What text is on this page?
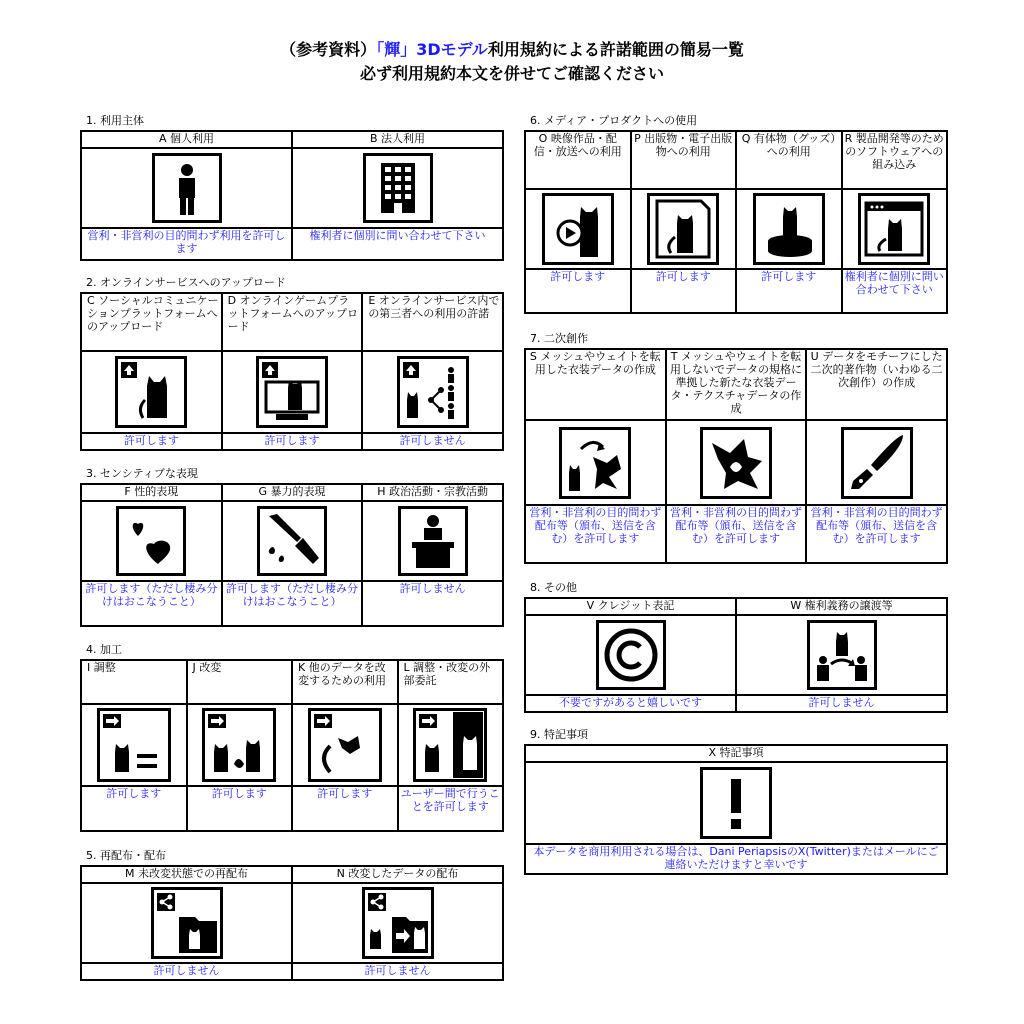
（参考資料）「輝」3Dモデル利用規約による許諾範囲の簡易一覧
必ず利用規約本文を併せてご確認ください
1. 利用主体
A 個人利用	B 法人利用

営利・非営利の目的問わず利用を許可します	権利者に個別に問い合わせて下さい
2. オンラインサービスへのアップロード
C ソーシャルコミュニケーションプラットフォームへのアップロード	D オンラインゲームプラットフォームへのアップロード	E オンラインサービス内での第三者への利用の許諾

許可します	許可します	許可しません
3. センシティブな表現
F 性的表現	G 暴力的表現	H 政治活動・宗教活動

許可します（ただし棲み分けはおこなうこと）	許可します（ただし棲み分けはおこなうこと）	許可しません
4. 加工
I 調整	J 改変	K 他のデータを改変するための利用	L 調整・改変の外部委託

許可します	許可します	許可します	ユーザー間で行うことを許可します
5. 再配布・配布
M 未改変状態での再配布	N 改変したデータの配布

許可しません	許可しません
6. メディア・プロダクトへの使用
O 映像作品・配信・放送への利用	P 出版物・電子出版物への利用	Q 有体物（グッズ）への利用	R 製品開発等のためのソフトウェアへの組み込み

許可します	許可します	許可します	権利者に個別に問い合わせて下さい
7. 二次創作
S メッシュやウェイトを転用した衣装データの作成	T メッシュやウェイトを転用しないでデータの規格に準拠した新たな衣装データ・テクスチャデータの作成	U データをモチーフにした二次的著作物（いわゆる二次創作）の作成

営利・非営利の目的問わず配布等（頒布、送信を含む）を許可します	営利・非営利の目的問わず配布等（頒布、送信を含む）を許可します	営利・非営利の目的問わず配布等（頒布、送信を含む）を許可します
8. その他
V クレジット表記	W 権利義務の譲渡等

不要ですがあると嬉しいです	許可しません
9. 特記事項
X 特記事項

本データを商用利用される場合は、Dani PeriapsisのX(Twitter)またはメールにご連絡いただけますと幸いです
